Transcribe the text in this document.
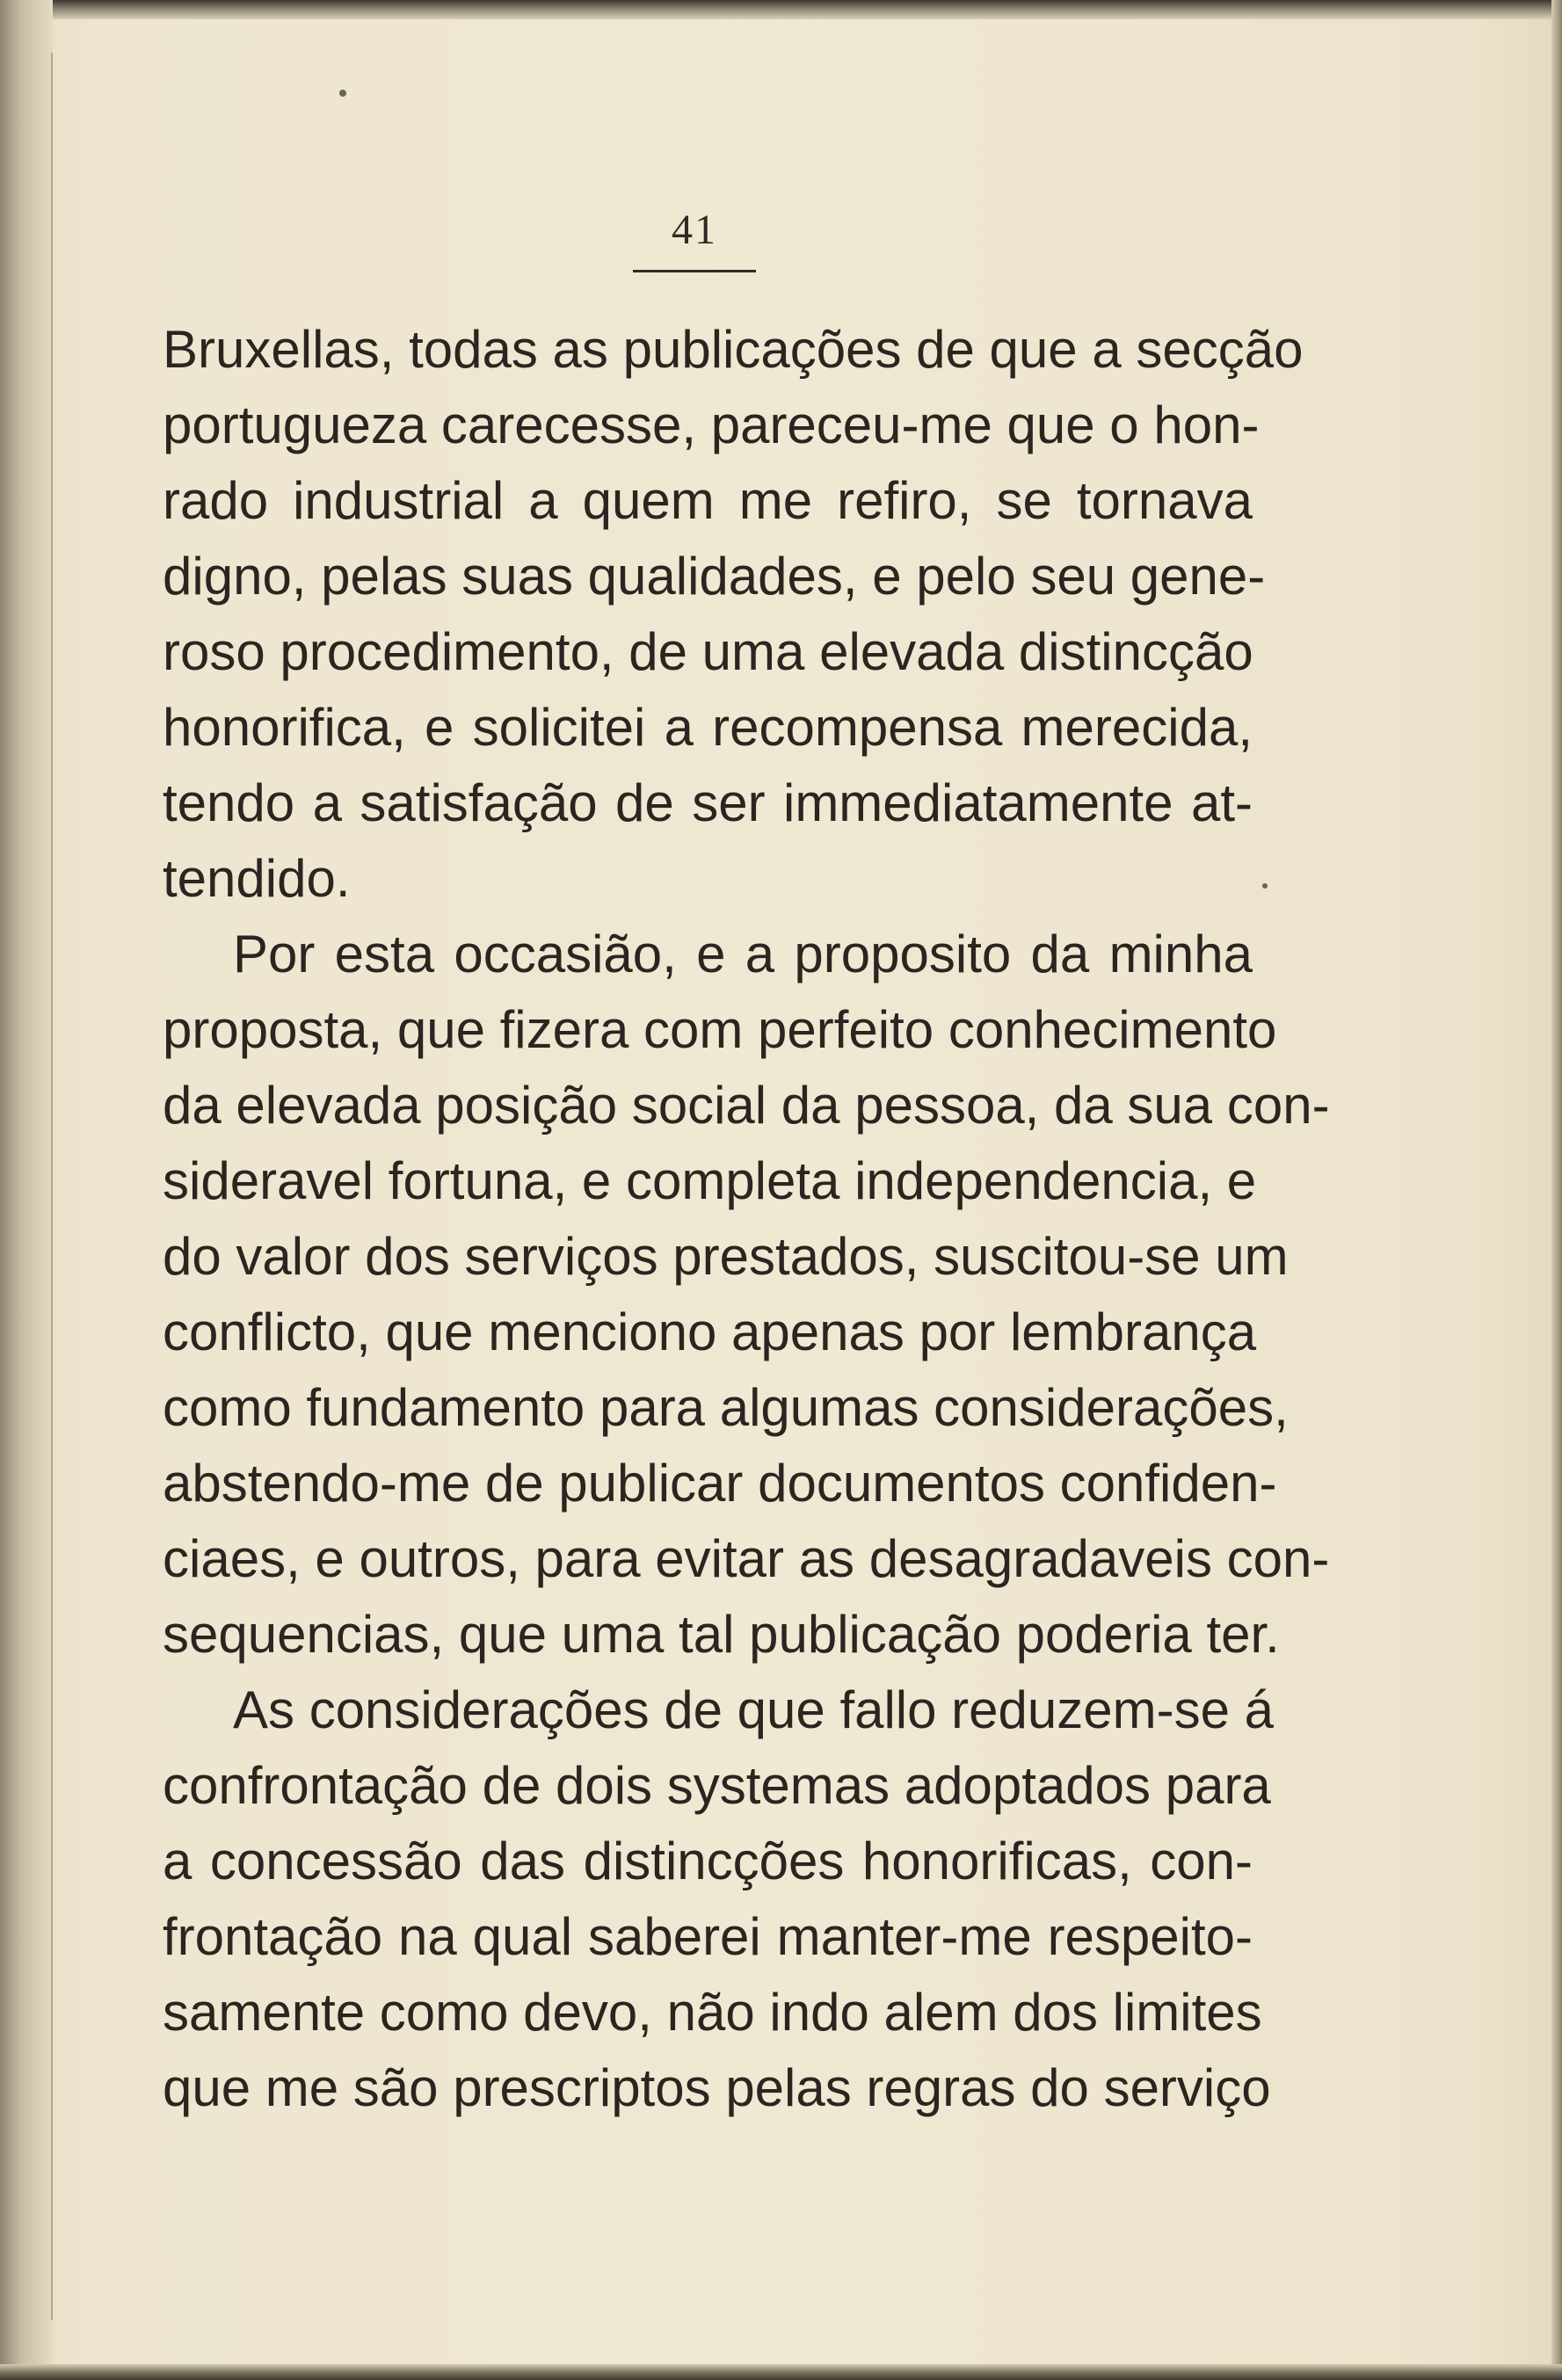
41
Bruxellas, todas as publicações de que a secção
portugueza carecesse, pareceu-me que o hon-
rado industrial a quem me refiro, se tornava
digno, pelas suas qualidades, e pelo seu gene-
roso procedimento, de uma elevada distincção
honorifica, e solicitei a recompensa merecida,
tendo a satisfação de ser immediatamente at-
tendido.
Por esta occasião, e a proposito da minha
proposta, que fizera com perfeito conhecimento
da elevada posição social da pessoa, da sua con-
sideravel fortuna, e completa independencia, e
do valor dos serviços prestados, suscitou-se um
conflicto, que menciono apenas por lembrança
como fundamento para algumas considerações,
abstendo-me de publicar documentos confiden-
ciaes, e outros, para evitar as desagradaveis con-
sequencias, que uma tal publicação poderia ter.
As considerações de que fallo reduzem-se á
confrontação de dois systemas adoptados para
a concessão das distincções honorificas, con-
frontação na qual saberei manter-me respeito-
samente como devo, não indo alem dos limites
que me são prescriptos pelas regras do serviço
